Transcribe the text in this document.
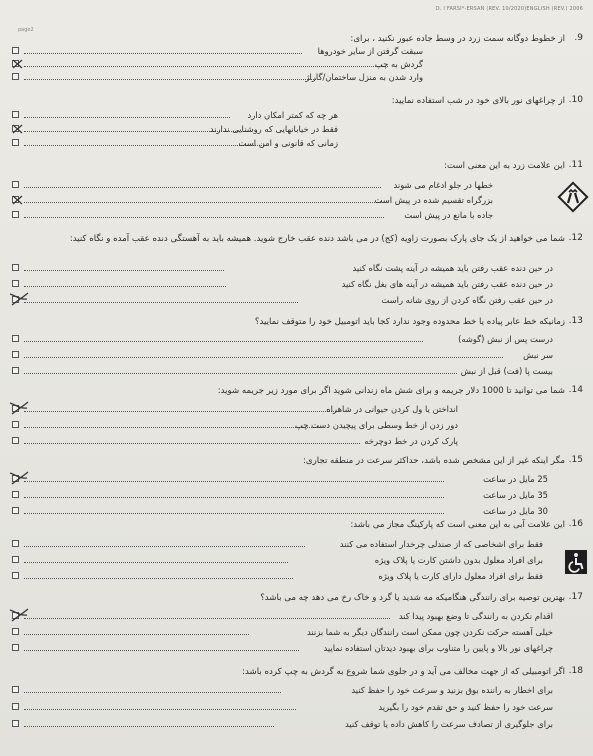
D. I FARSI*-ERSAN (REV. 10/2020)ENGLISH (REV.) 2006
page2
.9
از خطوط دوگانه سمت زرد در وسط جاده عبور نکنید ، برای:
سبقت گرفتن از سایر خودروها
گردش به چپ
وارد شدن به منزل ساختمان/گاراژ
.10
از چراغهای نور بالای خود در شب استفاده نمایید:
هر چه که کمتر امکان دارد
فقط در خیابانهایی که روشنایی ندارند
زمانی که قانونی و امن است
.11
این علامت زرد به این معنی است:
خطها در جلو ادغام می شوند
بزرگراه تقسیم شده در پیش است
جاده با مانع در پیش است
.12
شما می خواهید از یک جای پارک بصورت زاویه (کج) در می باشد دنده عقب خارج شوید. همیشه باید به آهستگی دنده عقب آمده و نگاه کنید:
در حین دنده عقب رفتن باید همیشه در آینه پشت نگاه کنید
در حین دنده عقب رفتن باید همیشه در آینه های بغل نگاه کنید
در حین عقب رفتن نگاه کردن از روی شانه راست
.13
زمانیکه خط عابر پیاده یا خط محدوده وجود ندارد کجا باید اتومبیل خود را متوقف نمایید؟
درست پس از نبش (گوشه)
سر نبش
بیست پا (فت) قبل از نبش
.14
شما می توانید تا 1000 دلار جریمه و برای شش ماه زندانی شوید اگر برای مورد زیر جریمه شوید:
انداختن یا ول کردن حیوانی در شاهراه
دور زدن از خط وسطی برای پیچیدن دست چپ
پارک کردن در خط دوچرخه
.15
مگر اینکه غیر از این مشخص شده باشد، حداکثر سرعت در منطقه تجاری:
25 مایل در ساعت
35 مایل در ساعت
30 مایل در ساعت
.16
این علامت آبی به این معنی است که پارکینگ مجاز می باشد:
فقط برای اشخاصی که از صندلی چرخدار استفاده می کنند
برای افراد معلول بدون داشتن کارت یا پلاک ویژه
فقط برای افراد معلول دارای کارت یا پلاک ویژه
.17
بهترین توصیه برای رانندگی هنگامیکه مه شدید یا گرد و خاک رخ می دهد چه می باشد؟
اقدام نکردن به رانندگی تا وضع بهبود پیدا کند
خیلی آهسته حرکت نکردن چون ممکن است رانندگان دیگر به شما بزنند
چراغهای نور بالا و پایین را متناوب برای بهبود دیدتان استفاده نمایید
.18
اگر اتومبیلی که از جهت مخالف می آید و در جلوی شما شروع به گردش به چپ کرده باشد:
برای اخطار به راننده بوق بزنید و سرعت خود را حفظ کنید
سرعت خود را حفظ کنید و حق تقدم خود را بگیرید
برای جلوگیری از تصادف سرعت را کاهش داده یا توقف کنید
